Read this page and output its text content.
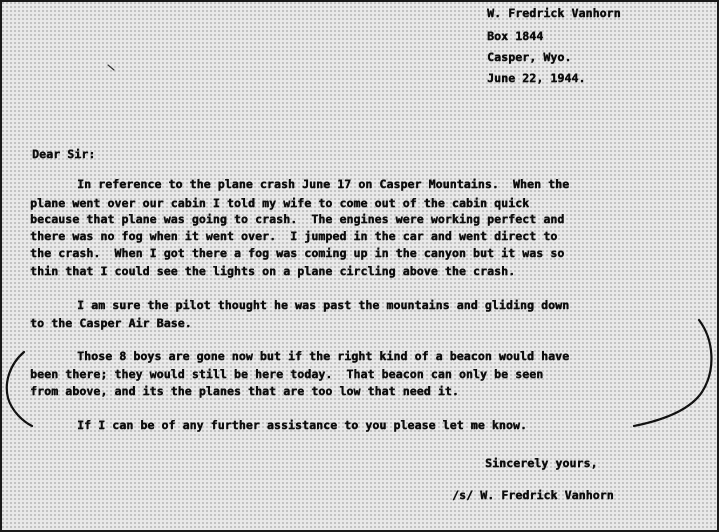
W. Fredrick Vanhorn
Box 1844
Casper, Wyo.
June 22, 1944.
Dear Sir:
In reference to the plane crash June 17 on Casper Mountains.  When the
plane went over our cabin I told my wife to come out of the cabin quick
because that plane was going to crash.  The engines were working perfect and
there was no fog when it went over.  I jumped in the car and went direct to
the crash.  When I got there a fog was coming up in the canyon but it was so
thin that I could see the lights on a plane circling above the crash.
I am sure the pilot thought he was past the mountains and gliding down
to the Casper Air Base.
Those 8 boys are gone now but if the right kind of a beacon would have
been there; they would still be here today.  That beacon can only be seen
from above, and its the planes that are too low that need it.
If I can be of any further assistance to you please let me know.
Sincerely yours,
/s/ W. Fredrick Vanhorn
